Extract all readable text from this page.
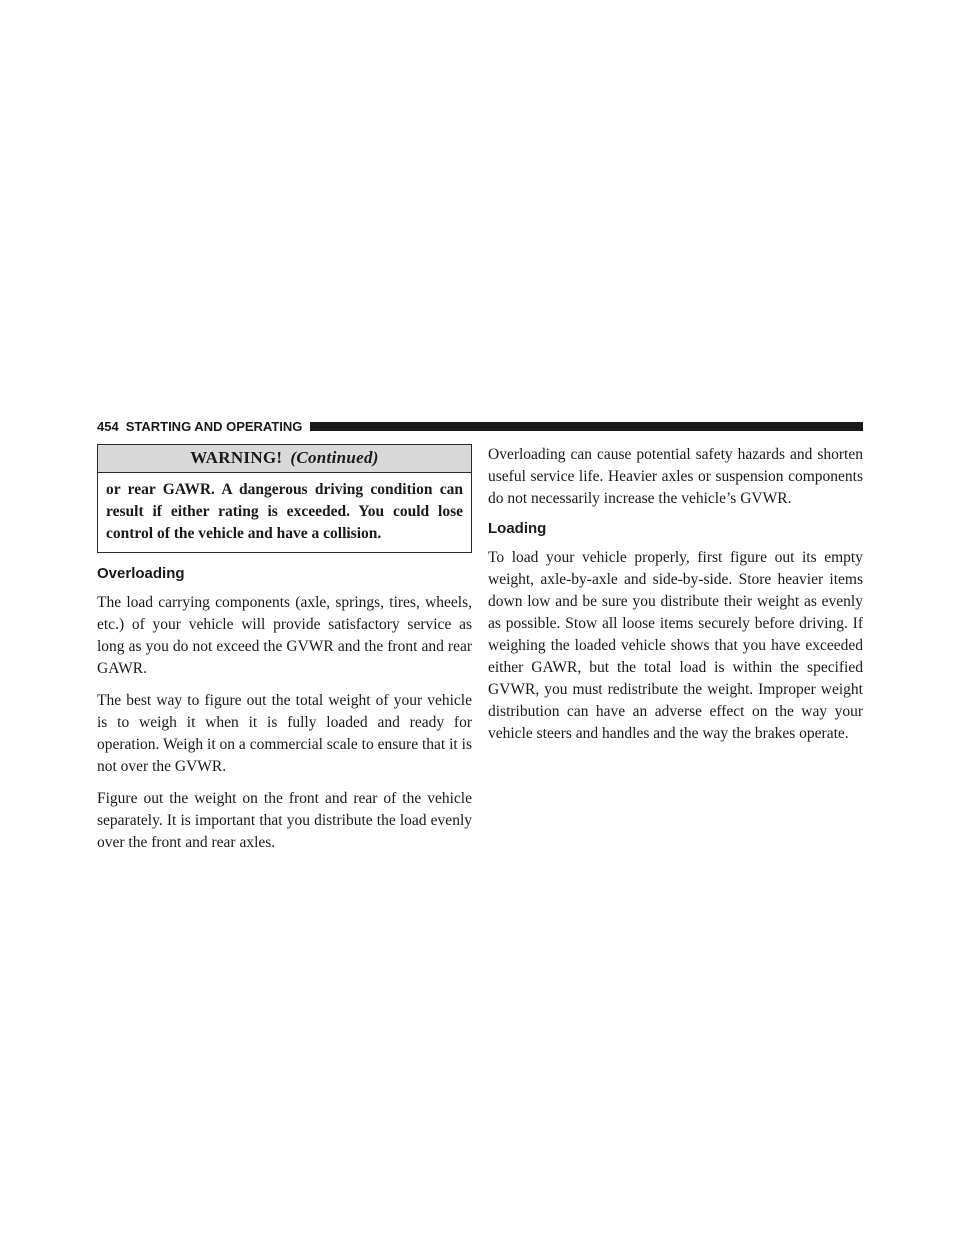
454 STARTING AND OPERATING
WARNING! (Continued)
or rear GAWR. A dangerous driving condition can result if either rating is exceeded. You could lose control of the vehicle and have a collision.
Overloading

The load carrying components (axle, springs, tires, wheels, etc.) of your vehicle will provide satisfactory service as long as you do not exceed the GVWR and the front and rear GAWR.

The best way to figure out the total weight of your vehicle is to weigh it when it is fully loaded and ready for operation. Weigh it on a commercial scale to ensure that it is not over the GVWR.

Figure out the weight on the front and rear of the vehicle separately. It is important that you distribute the load evenly over the front and rear axles.

Overloading can cause potential safety hazards and shorten useful service life. Heavier axles or suspension components do not necessarily increase the vehicle’s GVWR.

Loading

To load your vehicle properly, first figure out its empty weight, axle-by-axle and side-by-side. Store heavier items down low and be sure you distribute their weight as evenly as possible. Stow all loose items securely before driving. If weighing the loaded vehicle shows that you have exceeded either GAWR, but the total load is within the specified GVWR, you must redistribute the weight. Improper weight distribution can have an adverse effect on the way your vehicle steers and handles and the way the brakes operate.
